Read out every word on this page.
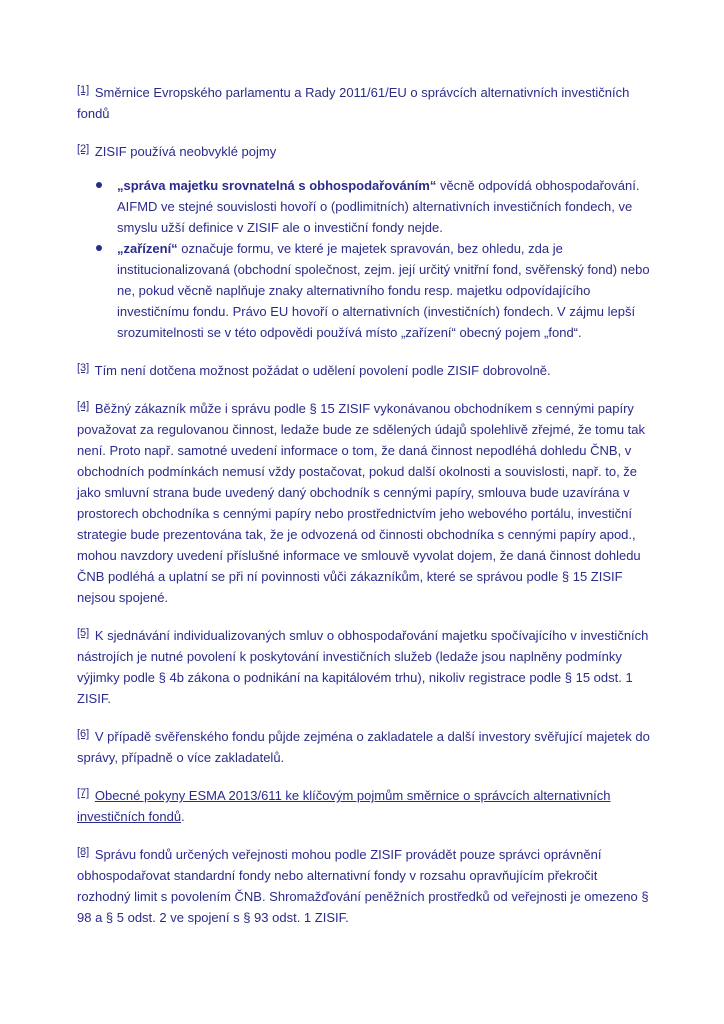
[1] Směrnice Evropského parlamentu a Rady 2011/61/EU o správcích alternativních investičních fondů

[2] ZISIF používá neobvyklé pojmy

„správa majetku srovnatelná s obhospodařováním“ věcně odpovídá obhospodařování. AIFMD ve stejné souvislosti hovoří o (podlimitních) alternativních investičních fondech, ve smyslu užší definice v ZISIF ale o investiční fondy nejde.
„zařízení“ označuje formu, ve které je majetek spravován, bez ohledu, zda je institucionalizovaná (obchodní společnost, zejm. její určitý vnitřní fond, svěřenský fond) nebo ne, pokud věcně naplňuje znaky alternativního fondu resp. majetku odpovídajícího investičnímu fondu. Právo EU hovoří o alternativních (investičních) fondech. V zájmu lepší srozumitelnosti se v této odpovědi používá místo „zařízení“ obecný pojem „fond“.

[3] Tím není dotčena možnost požádat o udělení povolení podle ZISIF dobrovolně.

[4] Běžný zákazník může i správu podle § 15 ZISIF vykonávanou obchodníkem s cennými papíry považovat za regulovanou činnost, ledaže bude ze sdělených údajů spolehlivě zřejmé, že tomu tak není. Proto např. samotné uvedení informace o tom, že daná činnost nepodléhá dohledu ČNB, v obchodních podmínkách nemusí vždy postačovat, pokud další okolnosti a souvislosti, např. to, že jako smluvní strana bude uvedený daný obchodník s cennými papíry, smlouva bude uzavírána v prostorech obchodníka s cennými papíry nebo prostřednictvím jeho webového portálu, investiční strategie bude prezentována tak, že je odvozená od činnosti obchodníka s cennými papíry apod., mohou navzdory uvedení příslušné informace ve smlouvě vyvolat dojem, že daná činnost dohledu ČNB podléhá a uplatní se při ní povinnosti vůči zákazníkům, které se správou podle § 15 ZISIF nejsou spojené.

[5] K sjednávání individualizovaných smluv o obhospodařování majetku spočívajícího v investičních nástrojích je nutné povolení k poskytování investičních služeb (ledaže jsou naplněny podmínky výjimky podle § 4b zákona o podnikání na kapitálovém trhu), nikoliv registrace podle § 15 odst. 1 ZISIF.

[6] V případě svěřenského fondu půjde zejména o zakladatele a další investory svěřující majetek do správy, případně o více zakladatelů.

[7] Obecné pokyny ESMA 2013/611 ke klíčovým pojmům směrnice o správcích alternativních investičních fondů.

[8] Správu fondů určených veřejnosti mohou podle ZISIF provádět pouze správci oprávnění obhospodařovat standardní fondy nebo alternativní fondy v rozsahu opravňujícím překročit rozhodný limit s povolením ČNB. Shromažďování peněžních prostředků od veřejnosti je omezeno § 98 a § 5 odst. 2 ve spojení s § 93 odst. 1 ZISIF.
